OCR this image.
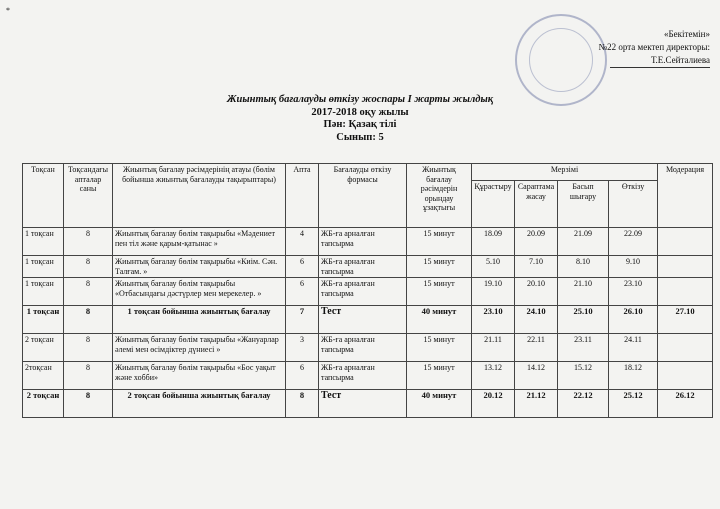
*
«Бекітемін»
№22 орта мектеп директоры:
Т.Е.Сейталиева
Жиынтық бағалауды өткізу жоспары I жарты жылдық
2017-2018 оқу жылы
Пән: Қазақ тілі
Сынып: 5
Тоқсан	Тоқсандағы апталар саны	Жиынтық бағалау рәсімдерінің атауы (бөлім бойынша жиынтық бағалауды тақырыптары)	Апта	Бағалауды өткізу формасы	Жиынтық бағалау рәсімдерін орындау ұзақтығы	Мерзімі				Модерация
						Құрастыру	Сараптама жасау	Басып шығару	Өткізу	
1 тоқсан	8	Жиынтық бағалау бөлім тақырыбы «Мәдениет пен тіл және қарым-қатынас »	4	ЖБ-ға арналған тапсырма	15 минут	18.09	20.09	21.09	22.09	
1 тоқсан	8	Жиынтық бағалау бөлім тақырыбы «Киім. Сән. Талғам. »	6	ЖБ-ға арналған тапсырма	15 минут	5.10	7.10	8.10	9.10	
1 тоқсан	8	Жиынтық бағалау бөлім тақырыбы «Отбасындағы дәстүрлер мен мерекелер. »	6	ЖБ-ға арналған тапсырма	15 минут	19.10	20.10	21.10	23.10	
1 тоқсан	8	1 тоқсан бойынша жиынтық бағалау	7	Тест	40 минут	23.10	24.10	25.10	26.10	27.10
2 тоқсан	8	Жиынтық бағалау бөлім тақырыбы «Жануарлар әлемі мен өсімдіктер дүниесі »	3	ЖБ-ға арналған тапсырма	15 минут	21.11	22.11	23.11	24.11	
2тоқсан	8	Жиынтық бағалау бөлім тақырыбы «Бос уақыт және хобби»	6	ЖБ-ға арналған тапсырма	15 минут	13.12	14.12	15.12	18.12	
2 тоқсан	8	2 тоқсан бойынша жиынтық бағалау	8	Тест	40 минут	20.12	21.12	22.12	25.12	26.12
